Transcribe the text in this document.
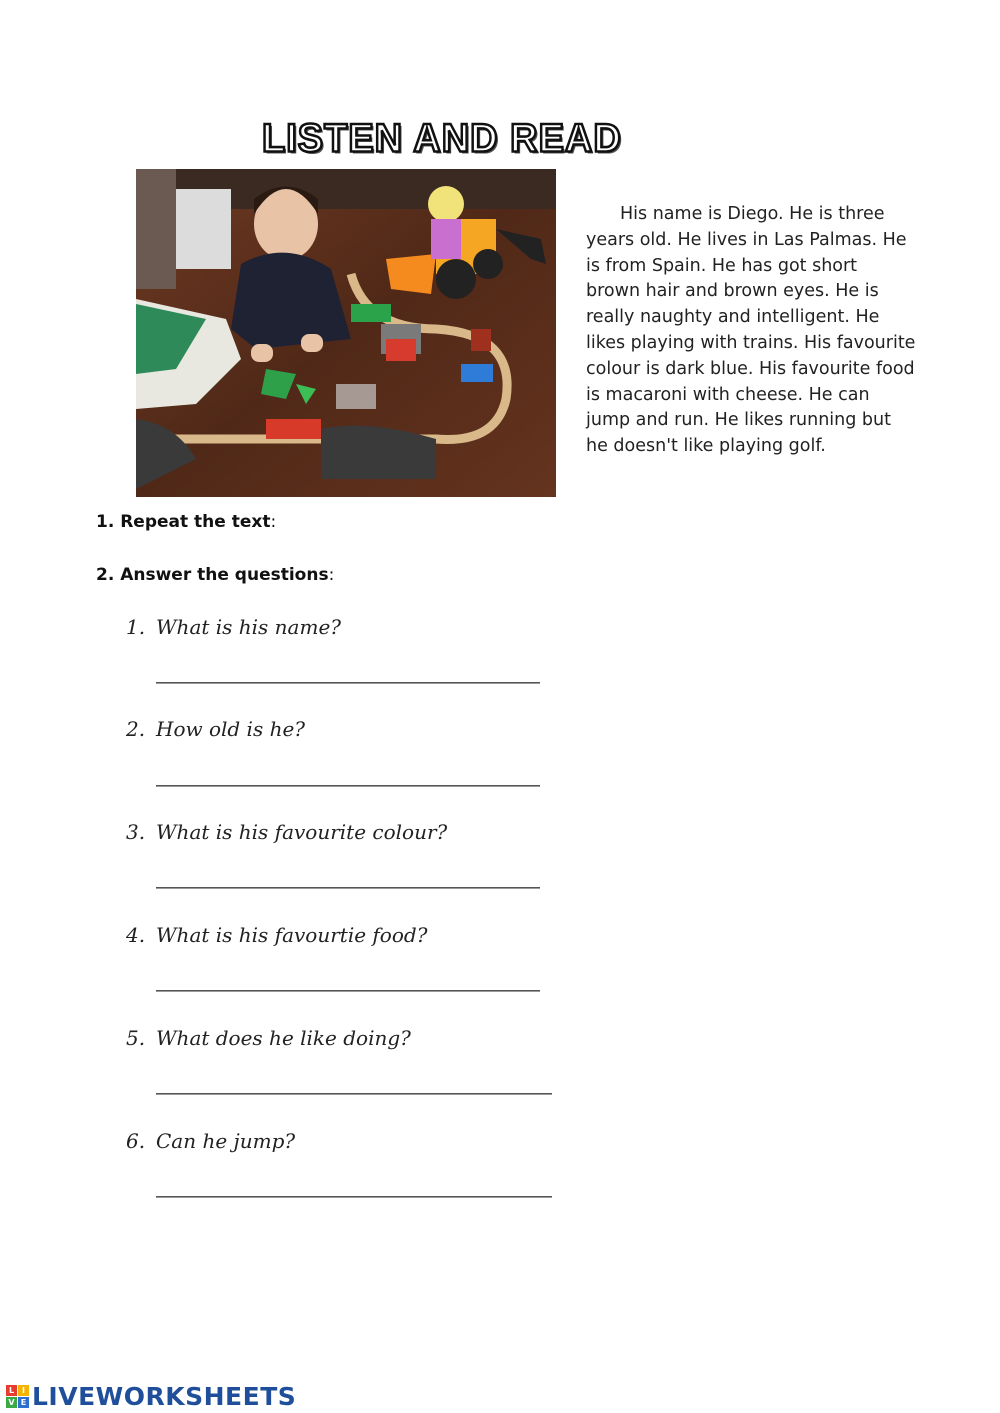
LISTEN AND READ
His name is Diego. He is three years old. He lives in Las Palmas. He is from Spain. He has got short brown hair and brown eyes. He is really naughty and intelligent. He likes playing with trains. His favourite colour is dark blue. His favourite food is macaroni with cheese. He can jump and run. He likes running but he doesn't like playing golf.
1. Repeat the text:
2. Answer the questions:
1. What is his name?
2. How old is he?
3. What is his favourite colour?
4. What is his favourtie food?
5. What does he like doing?
6. Can he jump?
L I
V E LIVEWORKSHEETS
